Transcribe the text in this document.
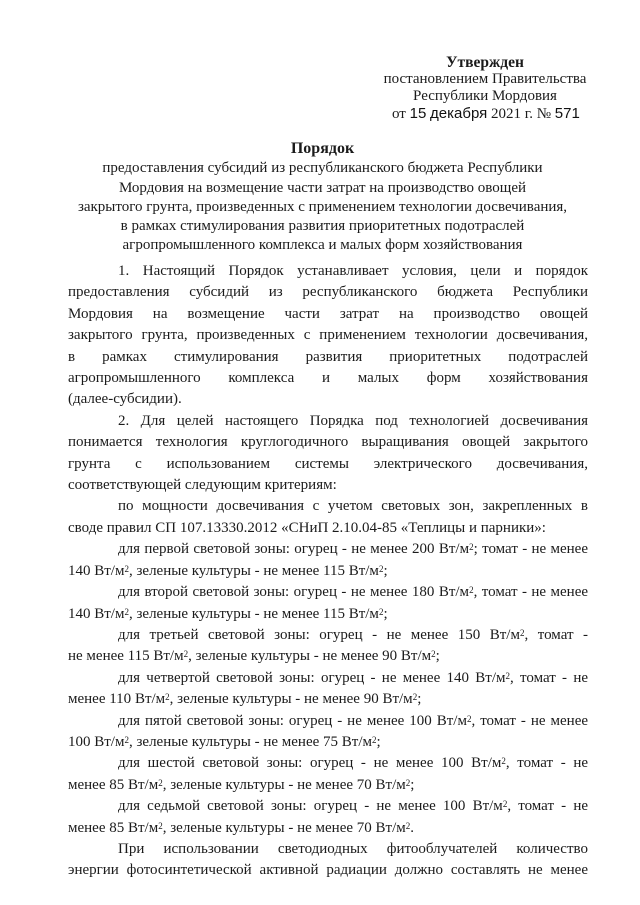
Утвержден
постановлением Правительства
Республики Мордовия
от 15 декабря 2021 г. № 571
Порядок
предоставления субсидий из республиканского бюджета Республики
Мордовия на возмещение части затрат на производство овощей
закрытого грунта, произведенных с применением технологии досвечивания,
в рамках стимулирования развития приоритетных подотраслей
агропромышленного комплекса и малых форм хозяйствования

1. Настоящий Порядок устанавливает условия, цели и порядок

предоставления субсидий из республиканского бюджета Республики

Мордовия на возмещение части затрат на производство овощей

закрытого грунта, произведенных с применением технологии досвечивания,

в рамках стимулирования развития приоритетных подотраслей

агропромышленного комплекса и малых форм хозяйствования

(далее-субсидии).

2. Для целей настоящего Порядка под технологией досвечивания

понимается технология круглогодичного выращивания овощей закрытого

грунта с использованием системы электрического досвечивания,

соответствующей следующим критериям:

по мощности досвечивания с учетом световых зон, закрепленных в

своде правил СП 107.13330.2012 «СНиП 2.10.04-85 «Теплицы и парники»:

для первой световой зоны: огурец - не менее 200 $Вт/м^2$; томат - не менее

140 $Вт/м^2$, зеленые культуры - не менее 115 $Вт/м^2$;

для второй световой зоны: огурец - не менее 180 $Вт/м^2$, томат - не менее

140 $Вт/м^2$, зеленые культуры - не менее 115 $Вт/м^2$;

для третьей световой зоны: огурец - не менее 150 $Вт/м^2$, томат -

не менее 115 $Вт/м^2$, зеленые культуры - не менее 90 $Вт/м^2$;

для четвертой световой зоны: огурец - не менее 140 $Вт/м^2$, томат - не

менее 110 $Вт/м^2$, зеленые культуры - не менее 90 $Вт/м^2$;

для пятой световой зоны: огурец - не менее 100 $Вт/м^2$, томат - не менее

100 $Вт/м^2$, зеленые культуры - не менее 75 $Вт/м^2$;

для шестой световой зоны: огурец - не менее 100 $Вт/м^2$, томат - не

менее 85 $Вт/м^2$, зеленые культуры - не менее 70 $Вт/м^2$;

для седьмой световой зоны: огурец - не менее 100 $Вт/м^2$, томат - не

менее 85 $Вт/м^2$, зеленые культуры - не менее 70 $Вт/м^2$.

При использовании светодиодных фитооблучателей количество

энергии фотосинтетической активной радиации должно составлять не менее
